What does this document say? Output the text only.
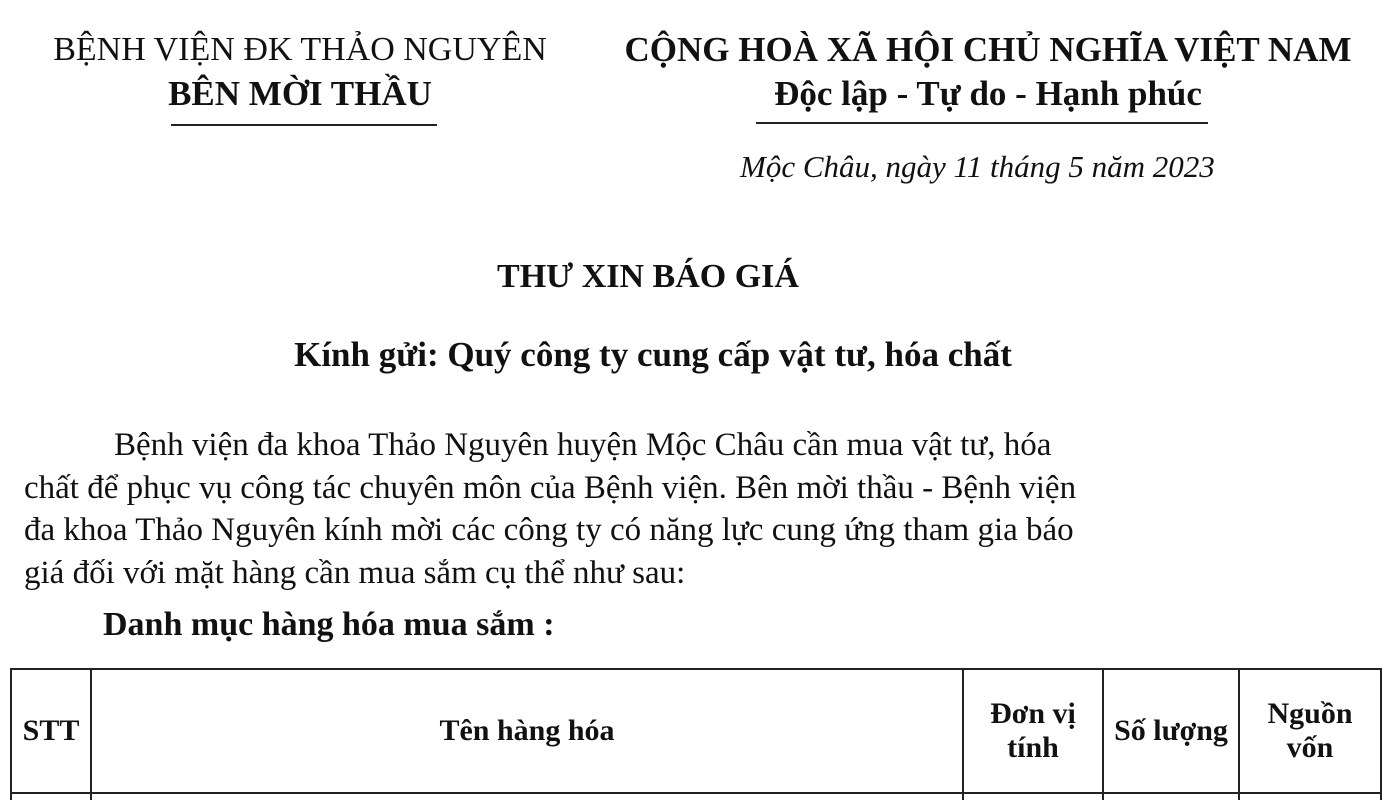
BỆNH VIỆN ĐK THẢO NGUYÊN
BÊN MỜI THẦU
CỘNG HOÀ XÃ HỘI CHỦ NGHĨA VIỆT NAM
Độc lập - Tự do - Hạnh phúc
Mộc Châu, ngày 11 tháng 5 năm 2023
THƯ XIN BÁO GIÁ
Kính gửi: Quý công ty cung cấp vật tư, hóa chất
Bệnh viện đa khoa Thảo Nguyên huyện Mộc Châu cần mua vật tư, hóa
chất để phục vụ công tác chuyên môn của Bệnh viện. Bên mời thầu - Bệnh viện
đa khoa Thảo Nguyên kính mời các công ty có năng lực cung ứng tham gia báo
giá đối với mặt hàng cần mua sắm cụ thể như sau:
Danh mục hàng hóa mua sắm :
STT	Tên hàng hóa	Đơn vị tính	Số lượng	Nguồn vốn
